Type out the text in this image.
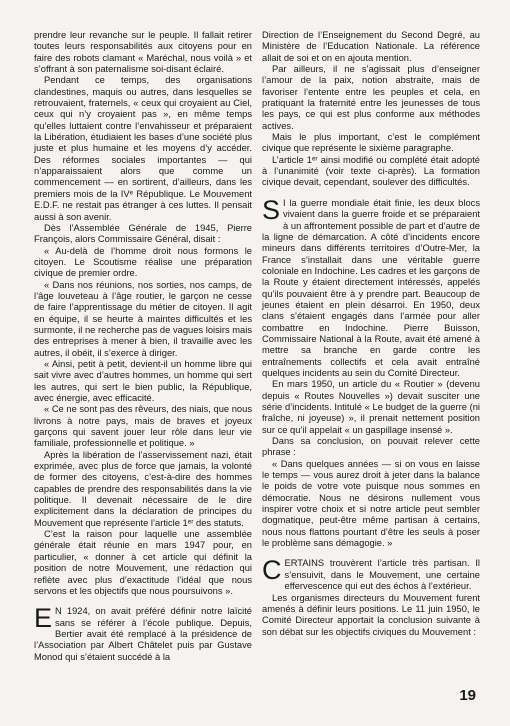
prendre leur revanche sur le peuple. Il fallait retirer toutes leurs responsabilités aux citoyens pour en faire des robots clamant « Maréchal, nous voilà » et s’offrant à son paternalisme soi-disant éclairé.

Pendant ce temps, des organisations clandestines, maquis ou autres, dans lesquelles se retrouvaient, fraternels, « ceux qui croyaient au Ciel, ceux qui n’y croyaient pas », en même temps qu’elles luttaient contre l’envahisseur et préparaient la Libération, étudiaient les bases d’une société plus juste et plus humaine et les moyens d’y accéder. Des réformes sociales importantes — qui n’apparaissaient alors que comme un commencement — en sortirent, d’ailleurs, dans les premiers mois de la IVᵉ République. Le Mouvement E.D.F. ne restait pas étranger à ces luttes. Il pensait aussi à son avenir.

Dès l’Assemblée Générale de 1945, Pierre François, alors Commissaire Général, disait :

« Au-delà de l’homme droit nous formons le citoyen. Le Scoutisme réalise une préparation civique de premier ordre.

« Dans nos réunions, nos sorties, nos camps, de l’âge louveteau à l’âge routier, le garçon ne cesse de faire l’apprentissage du métier de citoyen. Il agit en équipe, il se heurte à maintes difficultés et les surmonte, il ne recherche pas de vagues loisirs mais des entreprises à mener à bien, il travaille avec les autres, il obéit, il s’exerce à diriger.

« Ainsi, petit à petit, devient-il un homme libre qui sait vivre avec d’autres hommes, un homme qui sert les autres, qui sert le bien public, la République, avec énergie, avec efficacité.

« Ce ne sont pas des rêveurs, des niais, que nous livrons à notre pays, mais de braves et joyeux garçons qui savent jouer leur rôle dans leur vie familiale, professionnelle et politique. »

Après la libération de l’asservissement nazi, était exprimée, avec plus de force que jamais, la volonté de former des citoyens, c’est-à-dire des hommes capables de prendre des responsabilités dans la vie politique. Il devenait nécessaire de le dire explicitement dans la déclaration de principes du Mouvement que représente l’article 1ᵉʳ des statuts.

C’est la raison pour laquelle une assemblée générale était réunie en mars 1947 pour, en particulier, « donner à cet article qui définit la position de notre Mouvement, une rédaction qui reflète avec plus d’exactitude l’idéal que nous servons et les objectifs que nous poursuivons ».

E N 1924, on avait préféré définir notre laïcité sans se référer à l’école publique. Depuis, Bertier avait été remplacé à la présidence de l’Association par Albert Châtelet puis par Gustave Monod qui s’étaient succédé à la

Direction de l’Enseignement du Second Degré, au Ministère de l’Education Nationale. La référence allait de soi et on en ajouta mention.

Par ailleurs, il ne s’agissait plus d’enseigner l’amour de la paix, notion abstraite, mais de favoriser l’entente entre les peuples et cela, en pratiquant la fraternité entre les jeunesses de tous les pays, ce qui est plus conforme aux méthodes actives.

Mais le plus important, c’est le complément civique que représente le sixième paragraphe.

L’article 1ᵉʳ ainsi modifié ou complété était adopté à l’unanimité (voir texte ci-après). La formation civique devait, cependant, soulever des difficultés.

S I la guerre mondiale était finie, les deux blocs vivaient dans la guerre froide et se préparaient à un affrontement possible de part et d’autre de la ligne de démarcation. A côté d’incidents encore mineurs dans différents territoires d’Outre-Mer, la France s’installait dans une véritable guerre coloniale en Indochine. Les cadres et les garçons de la Route y étaient directement intéressés, appelés qu’ils pouvaient être à y prendre part. Beaucoup de jeunes étaient en plein désarroi. En 1950, deux clans s’étaient engagés dans l’armée pour aller combattre en Indochine. Pierre Buisson, Commissaire National à la Route, avait été amené à mettre sa branche en garde contre les entraînements collectifs et cela avait entraîné quelques incidents au sein du Comité Directeur.

En mars 1950, un article du « Routier » (devenu depuis « Routes Nouvelles ») devait susciter une série d’incidents. Intitulé « Le budget de la guerre (ni fraîche, ni joyeuse) », il prenait nettement position sur ce qu’il appelait « un gaspillage insensé ».

Dans sa conclusion, on pouvait relever cette phrase :

« Dans quelques années — si on vous en laisse le temps — vous aurez droit à jeter dans la balance le poids de votre vote puisque nous sommes en démocratie. Nous ne désirons nullement vous inspirer votre choix et si notre article peut sembler dogmatique, peut-être même partisan à certains, nous nous flattons pourtant d’être les seuls à poser le problème sans démagogie. »

CERTAINS trouvèrent l’article très partisan. Il s’ensuivit, dans le Mouvement, une certaine effervescence qui eut des échos à l’extérieur.

Les organismes directeurs du Mouvement furent amenés à définir leurs positions. Le 11 juin 1950, le Comité Directeur apportait la conclusion suivante à son débat sur les objectifs civiques du Mouvement :

19
